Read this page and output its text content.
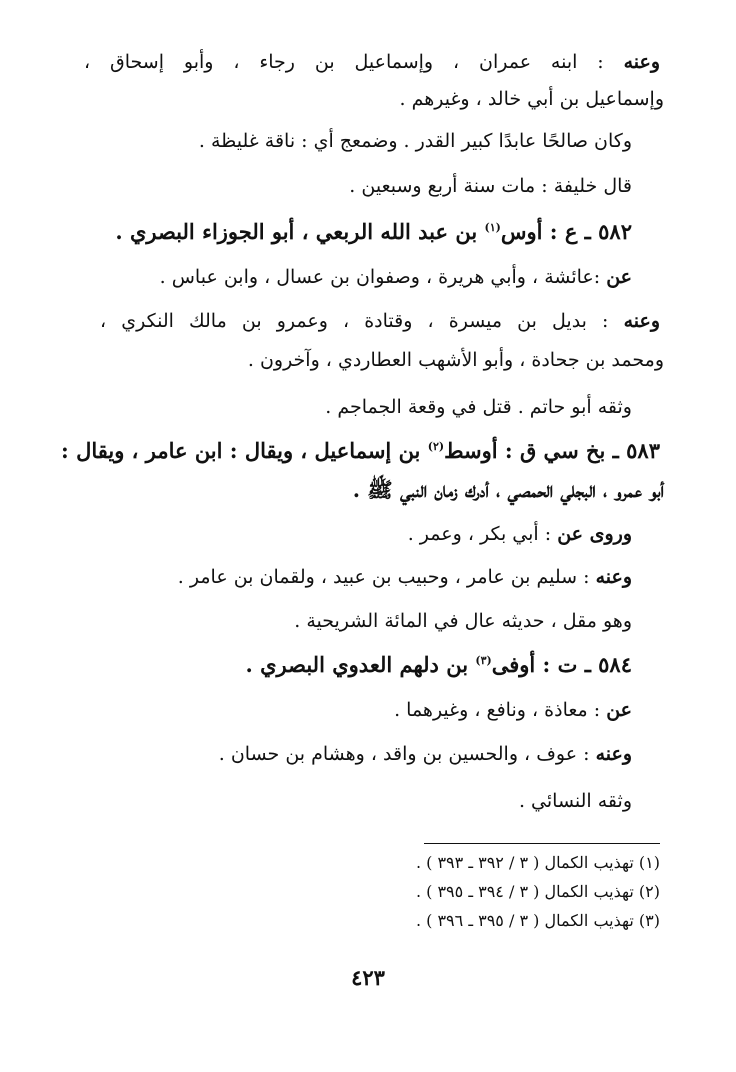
وعنه : ابنه عمران ، وإسماعيل بن رجاء ، وأبو إسحاق ،
وإسماعيل بن أبي خالد ، وغيرهم .
وكان صالحًا عابدًا كبير القدر . وضمعج أي : ناقة غليظة .
قال خليفة : مات سنة أربع وسبعين .
٥٨٢ ـ ع : أوس$^{(١)}$ بن عبد الله الربعي ، أبو الجوزاء البصري .
عن :عائشة ، وأبي هريرة ، وصفوان بن عسال ، وابن عباس .
وعنه : بديل بن ميسرة ، وقتادة ، وعمرو بن مالك النكري ،
ومحمد بن جحادة ، وأبو الأشهب العطاردي ، وآخرون .
وثقه أبو حاتم . قتل في وقعة الجماجم .
٥٨٣ ـ بخ سي ق : أوسط$^{(٢)}$ بن إسماعيل ، ويقال : ابن عامر ، ويقال :
أبو عمرو ، البجلي الحمصي ، أدرك زمان النبي ﷺ .
وروى عن : أبي بكر ، وعمر .
وعنه : سليم بن عامر ، وحبيب بن عبيد ، ولقمان بن عامر .
وهو مقل ، حديثه عال في المائة الشريحية .
٥٨٤ ـ ت : أوفى$^{(٣)}$ بن دلهم العدوي البصري .
عن : معاذة ، ونافع ، وغيرهما .
وعنه : عوف ، والحسين بن واقد ، وهشام بن حسان .
وثقه النسائي .
(١) تهذيب الكمال ( ٣ / ٣٩٢ ـ ٣٩٣ ) .
(٢) تهذيب الكمال ( ٣ / ٣٩٤ ـ ٣٩٥ ) .
(٣) تهذيب الكمال ( ٣ / ٣٩٥ ـ ٣٩٦ ) .
٤٢٣
